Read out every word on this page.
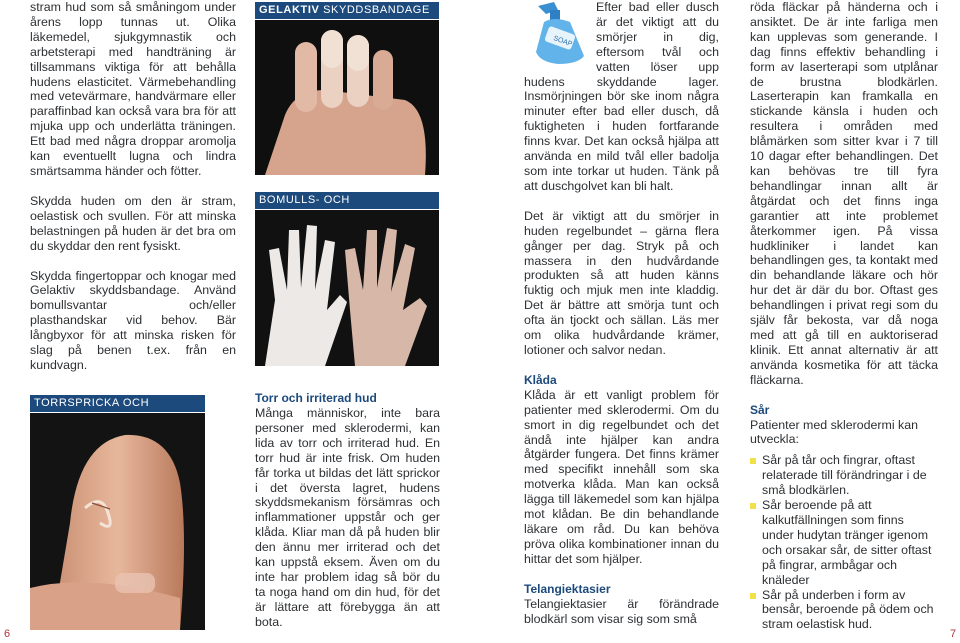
stram hud som så småningom under årens lopp tunnas ut. Olika läkemedel, sjukgymnastik och arbetsterapi med handträning är tillsammans viktiga för att behålla hudens elasticitet. Värmebehandling med vetevärmare, handvärmare eller paraffinbad kan också vara bra för att mjuka upp och underlätta träningen. Ett bad med några droppar aromolja kan eventuellt lugna och lindra smärtsamma händer och fötter.

Skydda huden om den är stram, oelastisk och svullen. För att minska belastningen på huden är det bra om du skyddar den rent fysiskt.

Skydda fingertoppar och knogar med Gelaktiv skyddsbandage. Använd bomullsvantar och/eller plasthandskar vid behov. Bär långbyxor för att minska risken för slag på benen t.ex. från en kundvagn.

TORRSPRICKA OCH
GELAKTIV SKYDDSBANDAGE
BOMULLS- OCH
Torr och irriterad hud

Många människor, inte bara personer med sklerodermi, kan lida av torr och irriterad hud. En torr hud är inte frisk. Om huden får torka ut bildas det lätt sprickor i det översta lagret, hudens skyddsmekanism försämras och inflammationer uppstår och ger klåda. Kliar man då på huden blir den ännu mer irriterad och det kan uppstå eksem. Även om du inte har problem idag så bör du ta noga hand om din hud, för det är lättare att förebygga än att bota.

SOAP

Efter bad eller dusch är det viktigt att du smörjer in dig, eftersom tvål och vatten löser upp hudens skyddande lager. Insmörjningen bör ske inom några minuter efter bad eller dusch, då fuktigheten i huden fortfarande finns kvar. Det kan också hjälpa att använda en mild tvål eller badolja som inte torkar ut huden. Tänk på att duschgolvet kan bli halt.

Det är viktigt att du smörjer in huden regelbundet – gärna flera gånger per dag. Stryk på och massera in den hudvårdande produkten så att huden känns fuktig och mjuk men inte kladdig. Det är bättre att smörja tunt och ofta än tjockt och sällan. Läs mer om olika hudvårdande krämer, lotioner och salvor nedan.

Klåda

Klåda är ett vanligt problem för patienter med sklerodermi. Om du smort in dig regelbundet och det ändå inte hjälper kan andra åtgärder fungera. Det finns krämer med specifikt innehåll som ska motverka klåda. Man kan också lägga till läkemedel som kan hjälpa mot klådan. Be din behandlande läkare om råd. Du kan behöva pröva olika kombinationer innan du hittar det som hjälper.

Telangiektasier

Telangiektasier är förändrade blodkärl som visar sig som små

röda fläckar på händerna och i ansiktet. De är inte farliga men kan upplevas som generande. I dag finns effektiv behandling i form av laserterapi som utplånar de brustna blodkärlen. Laserterapin kan framkalla en stickande känsla i huden och resultera i områden med blåmärken som sitter kvar i 7 till 10 dagar efter behandlingen. Det kan behövas tre till fyra behandlingar innan allt är åtgärdat och det finns inga garantier att inte problemet återkommer igen. På vissa hudkliniker i landet kan behandlingen ges, ta kontakt med din behandlande läkare och hör hur det är där du bor. Oftast ges behandlingen i privat regi som du själv får bekosta, var då noga med att gå till en auktoriserad klinik. Ett annat alternativ är att använda kosmetika för att täcka fläckarna.

Sår

Patienter med sklerodermi kan utveckla:

Sår på tår och fingrar, oftast relaterade till förändringar i de små blodkärlen.
Sår beroende på att kalkutfällningen som finns under hudytan tränger igenom och orsakar sår, de sitter oftast på fingrar, armbågar och knäleder
Sår på underben i form av bensår, beroende på ödem och stram oelastisk hud.
6	7
